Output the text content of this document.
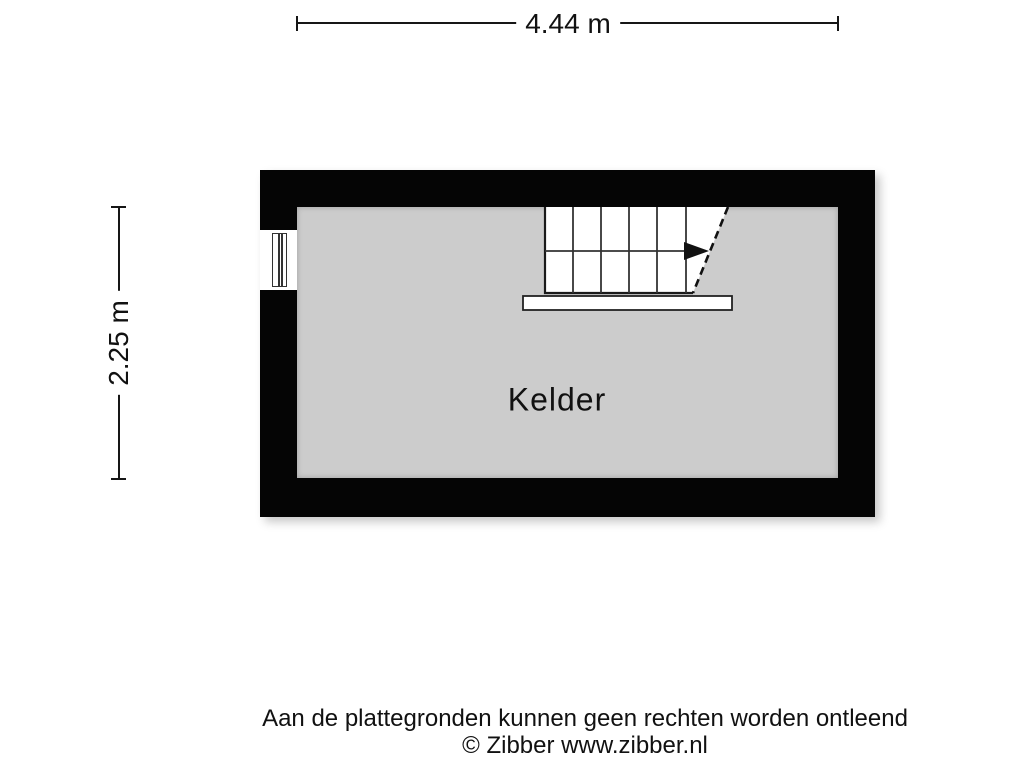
4.44 m
2.25 m
Kelder
Aan de plattegronden kunnen geen rechten worden ontleend
© Zibber www.zibber.nl
